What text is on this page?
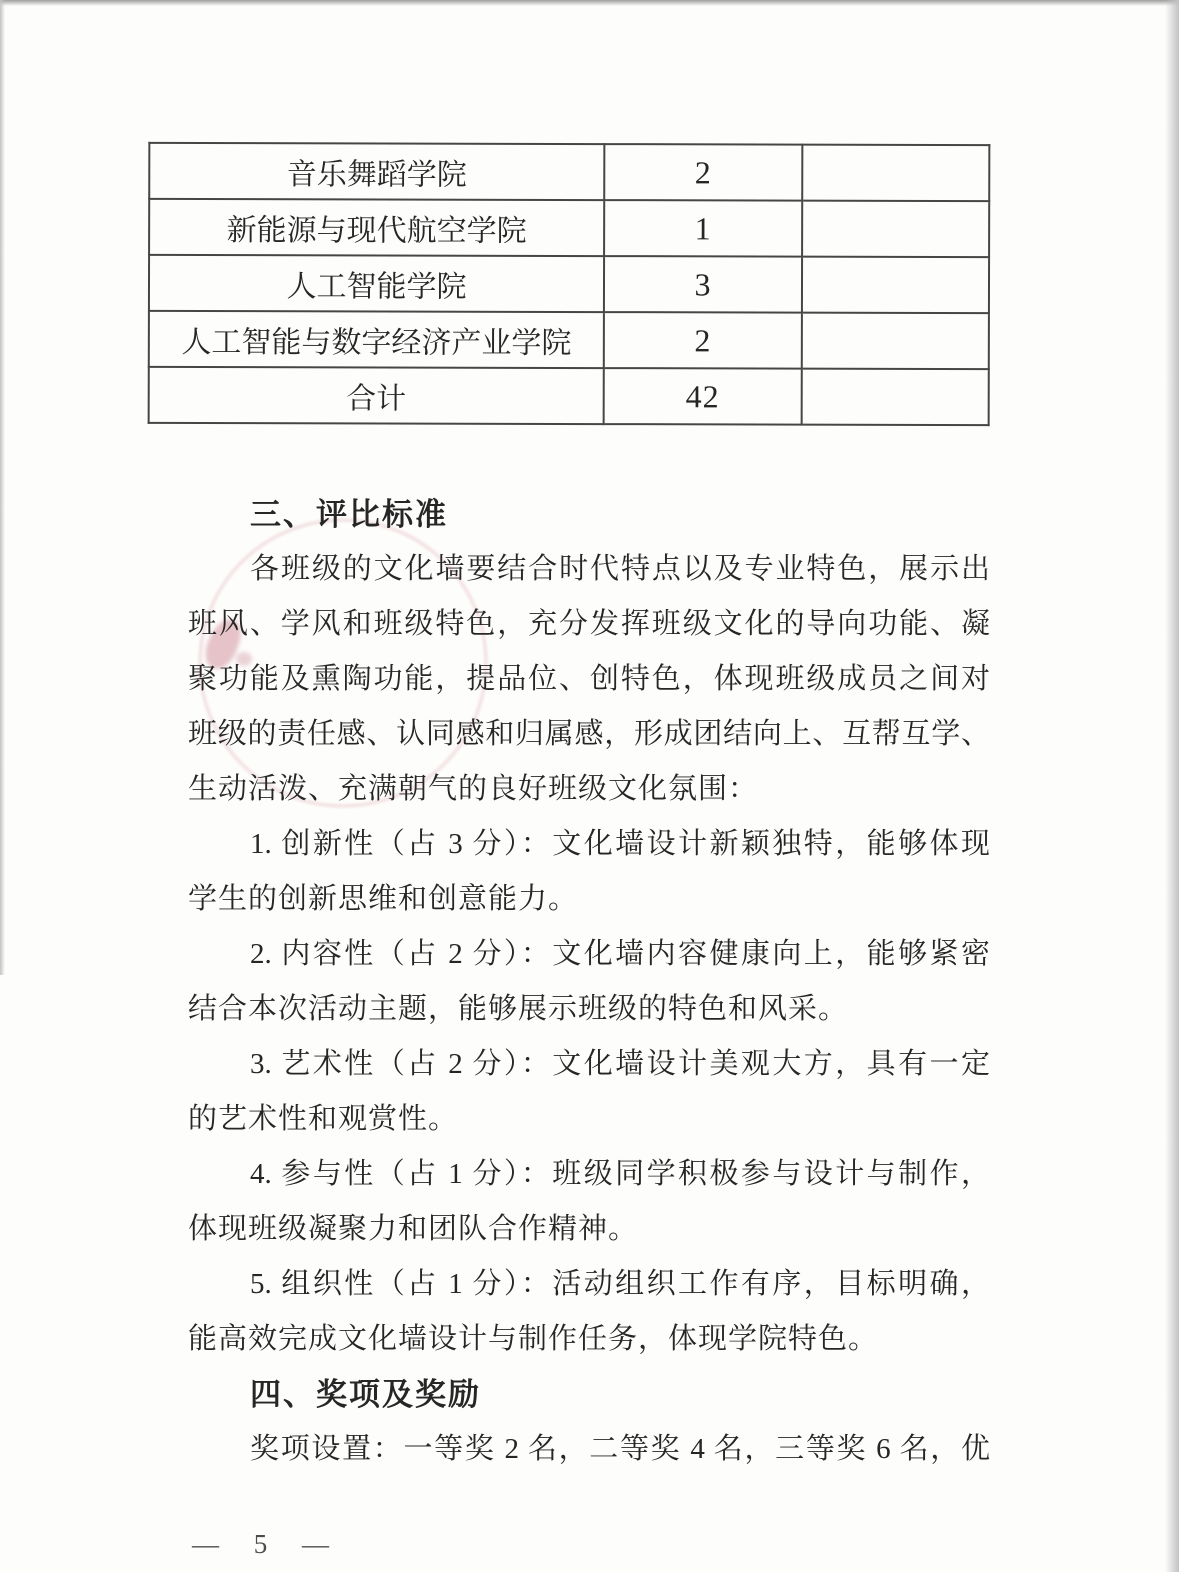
音乐舞蹈学院	2	
新能源与现代航空学院	1	
人工智能学院	3	
人工智能与数字经济产业学院	2	
合计	42	
三、评比标准
各班级的文化墙要结合时代特点以及专业特色，展示出
班风、学风和班级特色，充分发挥班级文化的导向功能、凝
聚功能及熏陶功能，提品位、创特色，体现班级成员之间对
班级的责任感、认同感和归属感，形成团结向上、互帮互学、
生动活泼、充满朝气的良好班级文化氛围：
1. 创新性（占 3 分）：文化墙设计新颖独特，能够体现
学生的创新思维和创意能力。
2. 内容性（占 2 分）：文化墙内容健康向上，能够紧密
结合本次活动主题，能够展示班级的特色和风采。
3. 艺术性（占 2 分）：文化墙设计美观大方，具有一定
的艺术性和观赏性。
4. 参与性（占 1 分）：班级同学积极参与设计与制作，
体现班级凝聚力和团队合作精神。
5. 组织性（占 1 分）：活动组织工作有序，目标明确，
能高效完成文化墙设计与制作任务，体现学院特色。
四、奖项及奖励
奖项设置：一等奖 2 名，二等奖 4 名，三等奖 6 名，优
— 5 —
